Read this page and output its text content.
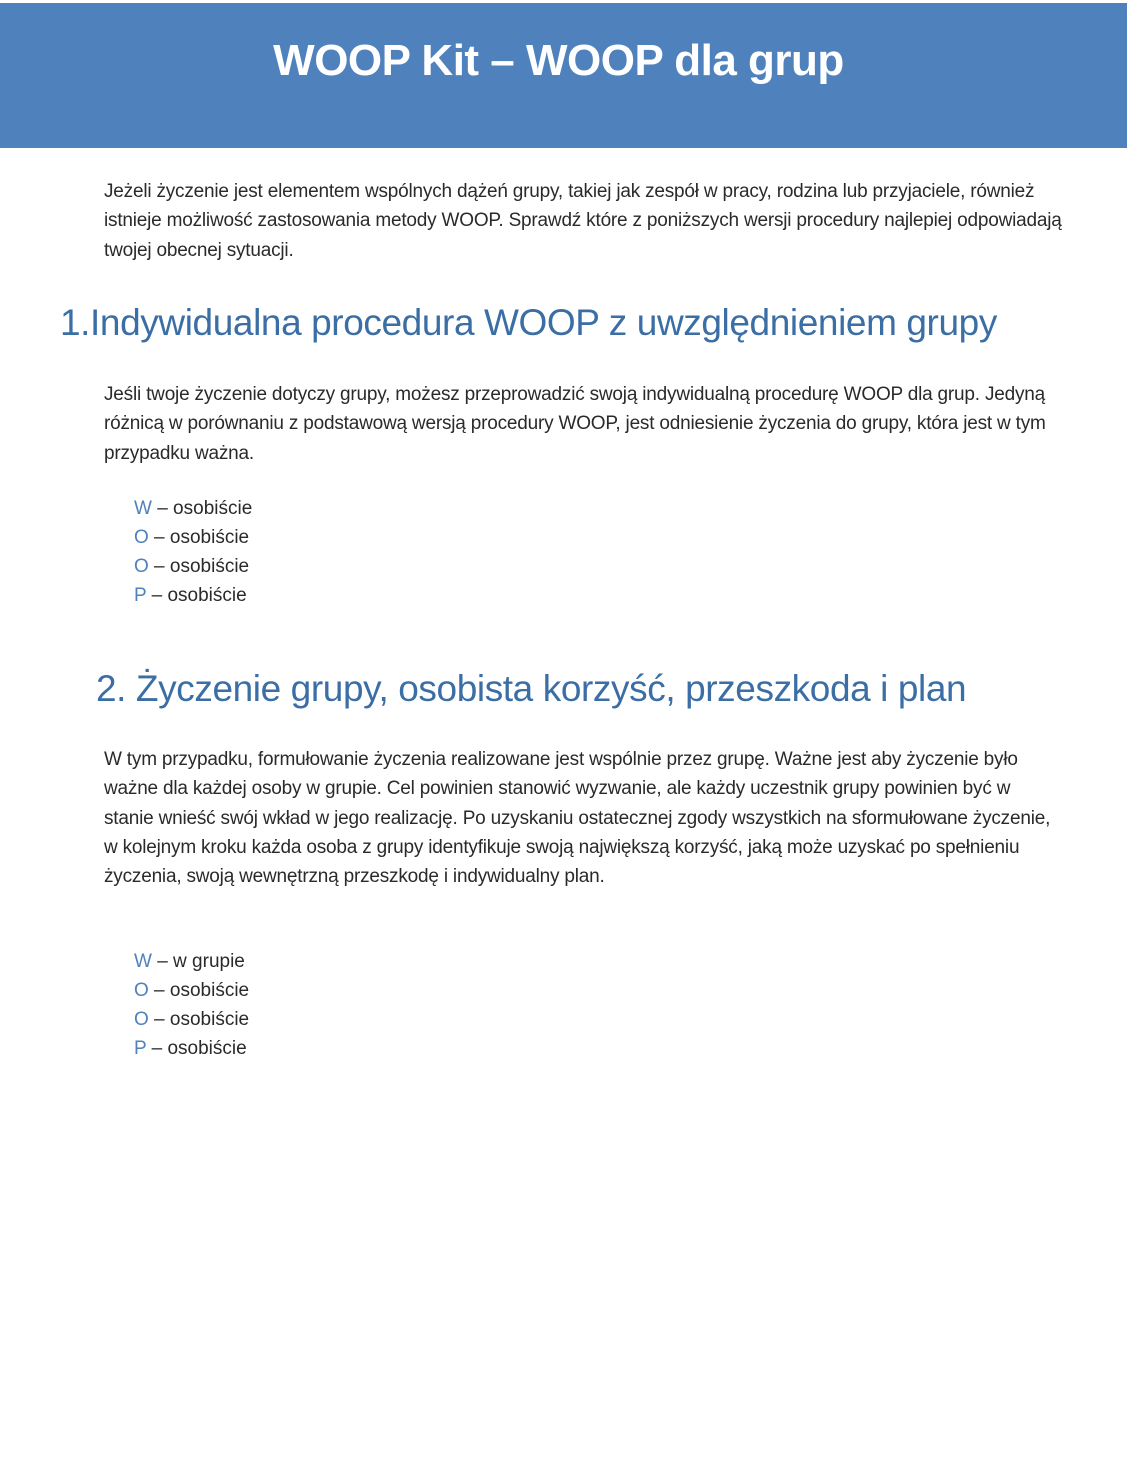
WOOP Kit – WOOP dla grup

Jeżeli życzenie jest elementem wspólnych dążeń grupy, takiej jak zespół w pracy, rodzina lub przyjaciele, również istnieje możliwość zastosowania metody WOOP. Sprawdź które z poniższych wersji procedury najlepiej odpowiadają twojej obecnej sytuacji.

1.Indywidualna procedura WOOP z uwzględnieniem grupy

Jeśli twoje życzenie dotyczy grupy, możesz przeprowadzić swoją indywidualną procedurę WOOP dla grup. Jedyną różnicą w porównaniu z podstawową wersją procedury WOOP, jest odniesienie życzenia do grupy, która jest w tym przypadku ważna.

W – osobiście
O – osobiście
O – osobiście
P – osobiście
2. Życzenie grupy, osobista korzyść, przeszkoda i plan

W tym przypadku, formułowanie życzenia realizowane jest wspólnie przez grupę. Ważne jest aby życzenie było ważne dla każdej osoby w grupie. Cel powinien stanowić wyzwanie, ale każdy uczestnik grupy powinien być w stanie wnieść swój wkład w jego realizację. Po uzyskaniu ostatecznej zgody wszystkich na sformułowane życzenie, w kolejnym kroku każda osoba z grupy identyfikuje swoją największą korzyść, jaką może uzyskać po spełnieniu życzenia, swoją wewnętrzną przeszkodę i indywidualny plan.

W – w grupie
O – osobiście
O – osobiście
P – osobiście
